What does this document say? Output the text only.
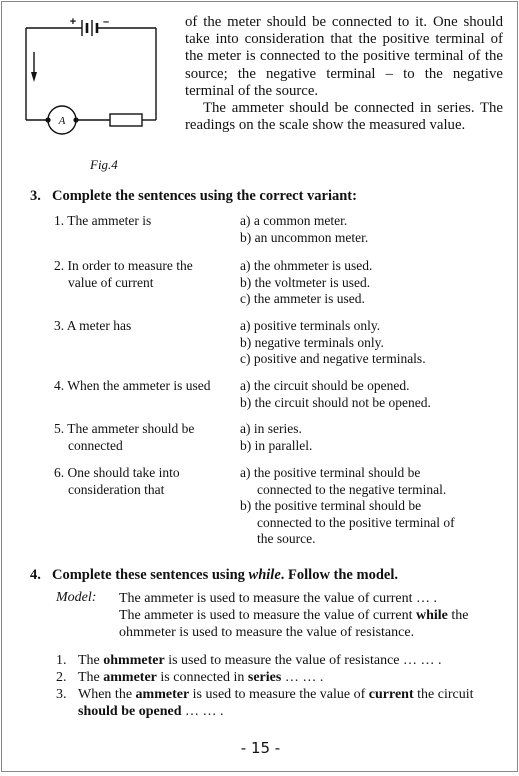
A
+ –
Fig.4

of the meter should be connected to it. One should take into consideration that the positive terminal of the meter is connected to the positive terminal of the source; the negative terminal – to the negative terminal of the source.

The ammeter should be connected in series. The readings on the scale show the measured value.

3. Complete the sentences using the correct variant:
1. The ammeter is	a) a common meter.
b) an uncommon meter.
2. In order to measure the value of current
a) the ohmmeter is used.
b) the voltmeter is used.
c) the ammeter is used.
3. A meter has	a) positive terminals only.
b) negative terminals only.
c) positive and negative terminals.
4. When the ammeter is used	a) the circuit should be opened.
b) the circuit should not be opened.
5. The ammeter should be connected
a) in series.
b) in parallel.
6. One should take into consideration that
a) the positive terminal should be connected to the negative terminal.
b) the positive terminal should be connected to the positive terminal of the source.
4. Complete these sentences using while. Follow the model.
Model: The ammeter is used to measure the value of current … .
The ammeter is used to measure the value of current while the ohmmeter is used to measure the value of resistance.
1. The ohmmeter is used to measure the value of resistance … … .
2. The ammeter is connected in series … … .
3. When the ammeter is used to measure the value of current the circuit should be opened … … .
- 15 -
